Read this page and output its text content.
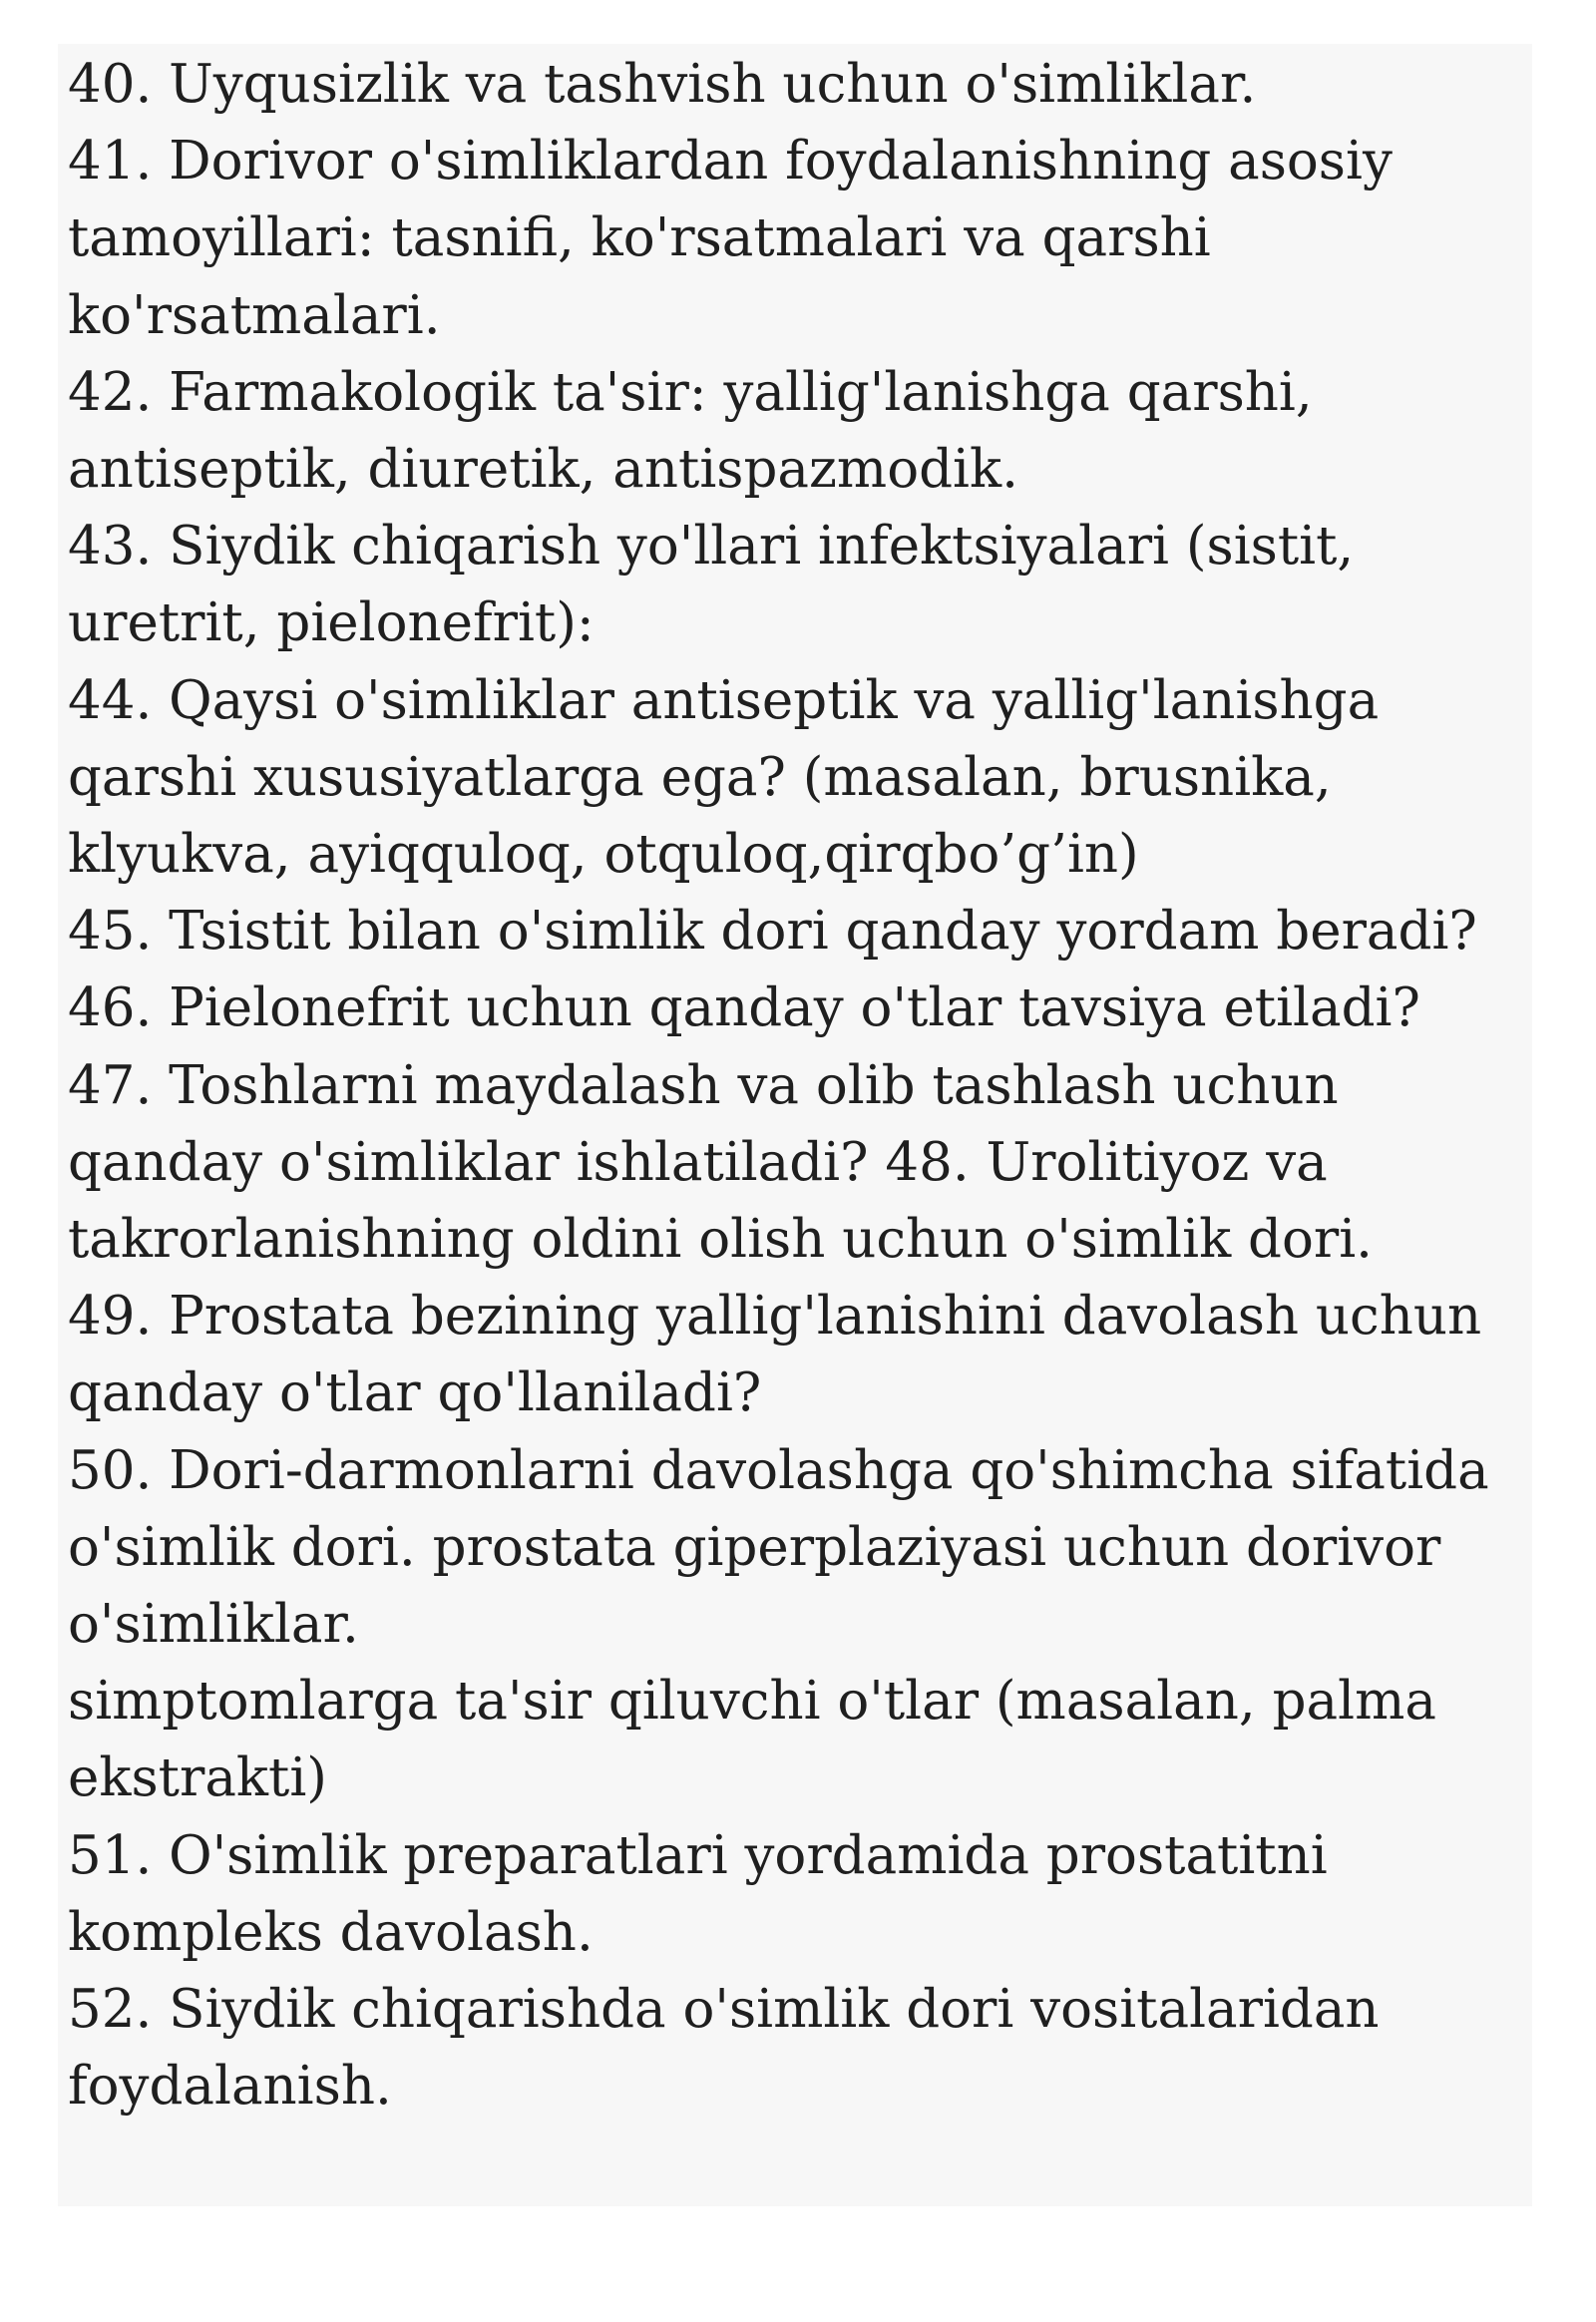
40. Uyqusizlik va tashvish uchun o'simliklar.
41. Dorivor o'simliklardan foydalanishning asosiy
tamoyillari: tasnifi, ko'rsatmalari va qarshi
ko'rsatmalari.
42. Farmakologik ta'sir: yallig'lanishga qarshi,
antiseptik, diuretik, antispazmodik.
43. Siydik chiqarish yo'llari infektsiyalari (sistit,
uretrit, pielonefrit):
44. Qaysi o'simliklar antiseptik va yallig'lanishga
qarshi xususiyatlarga ega? (masalan, brusnika,
klyukva, ayiqquloq, otquloq,qirqbo’g’in)
45. Tsistit bilan o'simlik dori qanday yordam beradi?
46. Pielonefrit uchun qanday o'tlar tavsiya etiladi?
47. Toshlarni maydalash va olib tashlash uchun
qanday o'simliklar ishlatiladi? 48. Urolitiyoz va
takrorlanishning oldini olish uchun o'simlik dori.
49. Prostata bezining yallig'lanishini davolash uchun
qanday o'tlar qo'llaniladi?
50. Dori-darmonlarni davolashga qo'shimcha sifatida
o'simlik dori. prostata giperplaziyasi uchun dorivor
o'simliklar.
simptomlarga ta'sir qiluvchi o'tlar (masalan, palma
ekstrakti)
51. O'simlik preparatlari yordamida prostatitni
kompleks davolash.
52. Siydik chiqarishda o'simlik dori vositalaridan
foydalanish.
